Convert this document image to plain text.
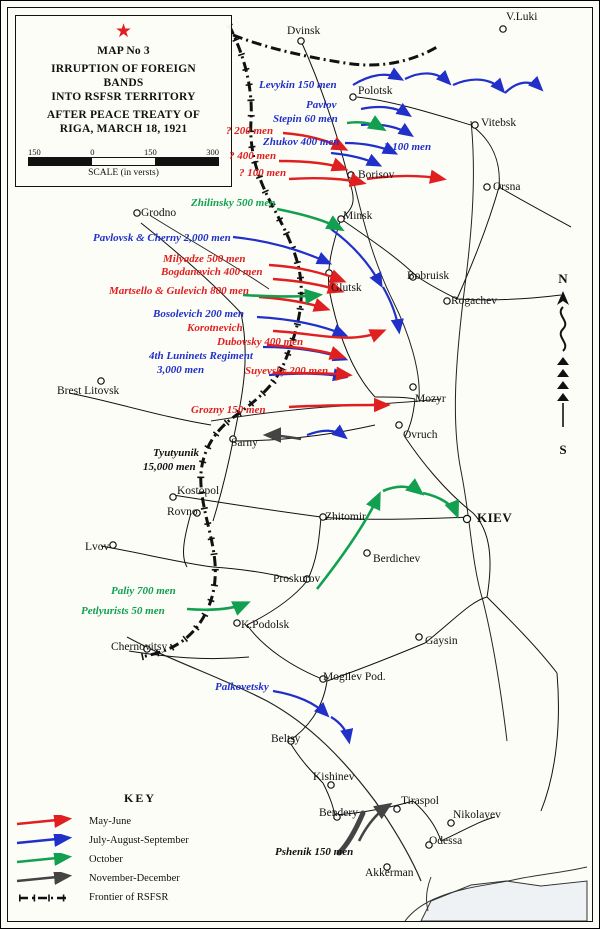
★
MAP No 3
IRRUPTION OF FOREIGN
BANDS
INTO RSFSR TERRITORY
AFTER PEACE TREATY OF
RIGA, MARCH 18, 1921
150	0	150	300
SCALE (in versts)
N
S
KEY
May-June
July-August-September
October
November-December
Frontier of RSFSR
Dvinsk
V.Luki
Polotsk
Vitebsk
Orsna
Borisov
Minsk
Grodno
Glutsk
Bobruisk
Rogachev
Brest Litovsk
Mozyr
Ovruch
Sarny
Kostopol
Rovno	Zhitomir	KIEV
Lvov
Berdichev
Proskurov
K.Podolsk
Chernovitsy	Gaysin
Mogilev Pod.
Beltsy
Kishinev
Bendery
Tiraspol
Nikolayev
Odessa
Akkerman
Levykin 150 men
Pavlov
Stepin 60 men
Zhukov 400 men
? 200 men
? 400 men
? 100 men
2,100 men
Zhilinsky 500 men
Pavlovsk & Cherny 2,000 men
Milyadze 500 men
Bogdanovich 400 men
Martsello & Gulevich 800 men
Bosolevich 200 men
Korotnevich
Dubovsky 400 men
4th Luninets Regiment
3,000 men	Suyevsky 200 men
Grozny 150 men
Tyutyunik
15,000 men
Paliy 700 men
Petlyurists 50 men
Palkovetsky
Pshenik 150 men
